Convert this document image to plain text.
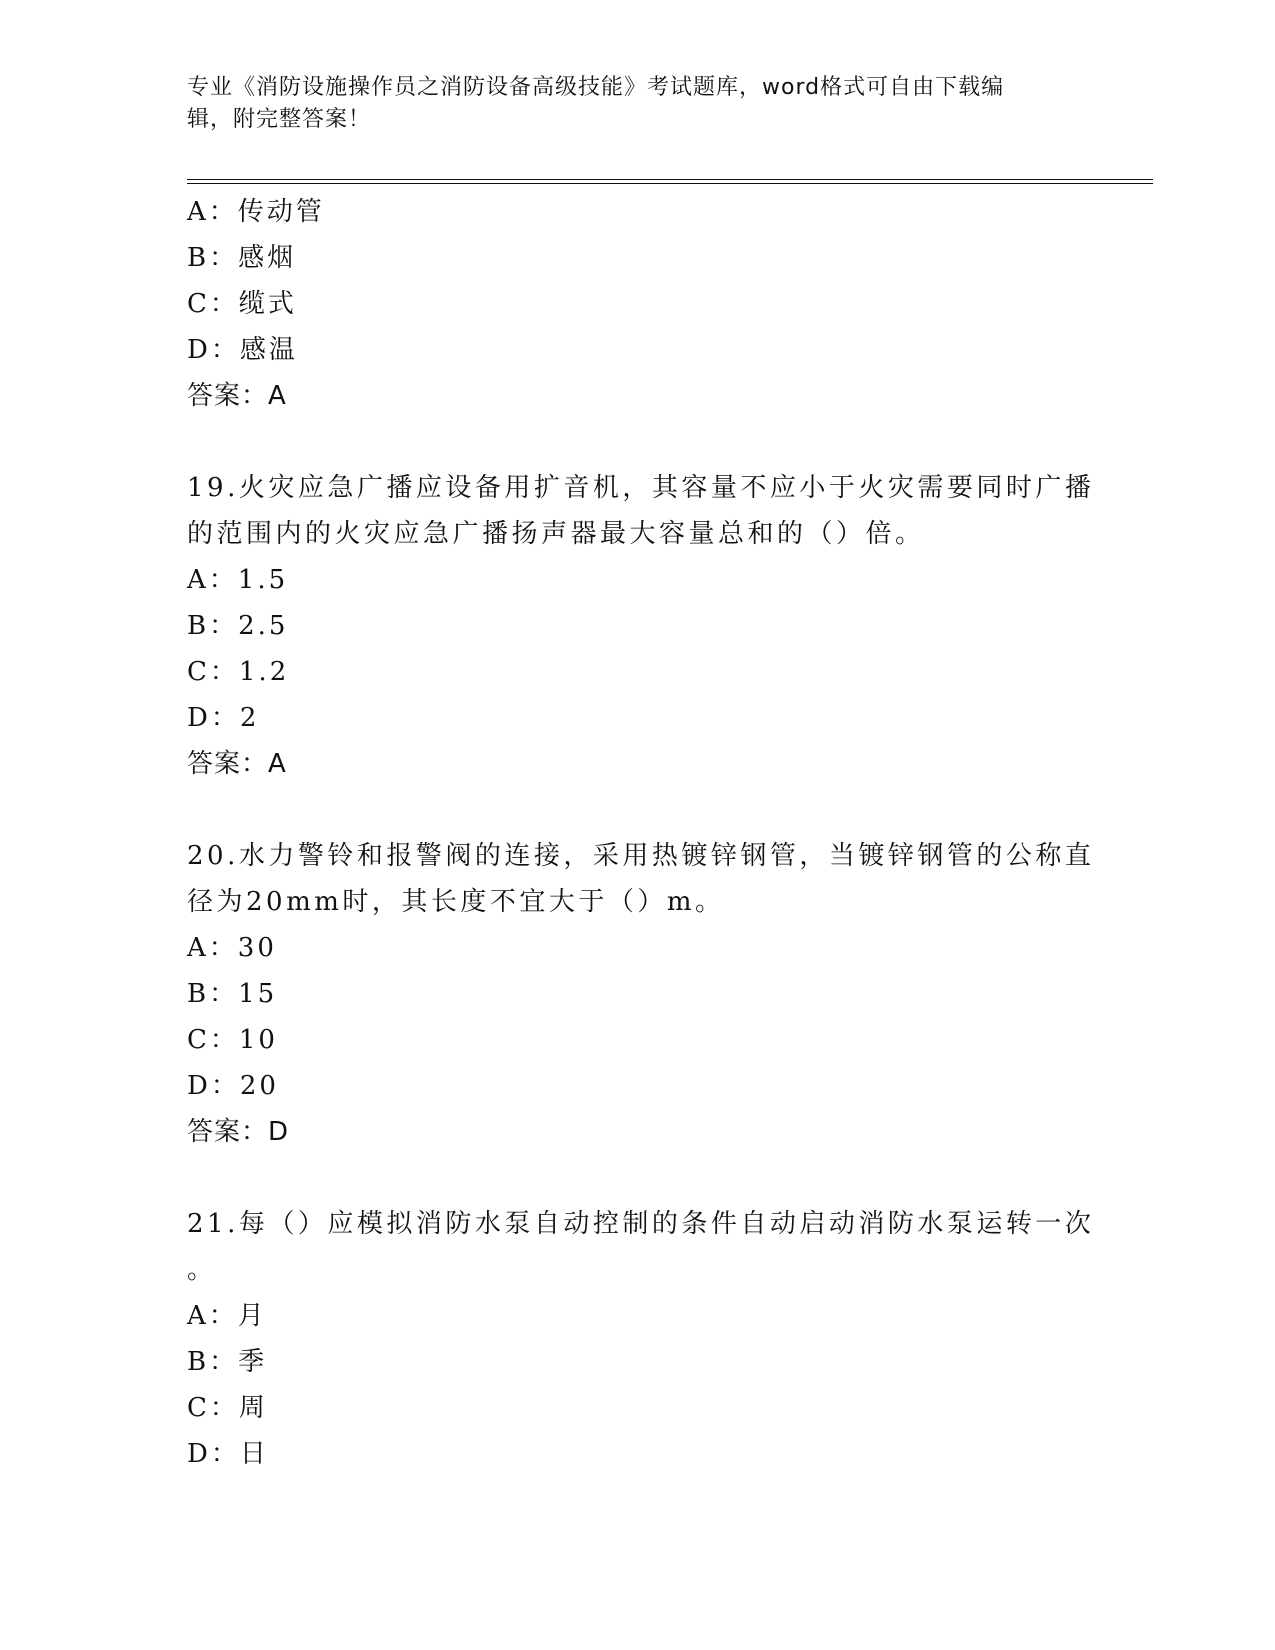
专业《消防设施操作员之消防设备高级技能》考试题库，word格式可自由下载编
辑，附完整答案！
A：传动管
B：感烟
C：缆式
D：感温
答案：A
19.火灾应急广播应设备用扩音机，其容量不应小于火灾需要同时广播
的范围内的火灾应急广播扬声器最大容量总和的（）倍。
A：1.5
B：2.5
C：1.2
D：2
答案：A
20.水力警铃和报警阀的连接，采用热镀锌钢管，当镀锌钢管的公称直
径为20mm时，其长度不宜大于（）m。
A：30
B：15
C：10
D：20
答案：D
21.每（）应模拟消防水泵自动控制的条件自动启动消防水泵运转一次
。
A：月
B：季
C：周
D：日
